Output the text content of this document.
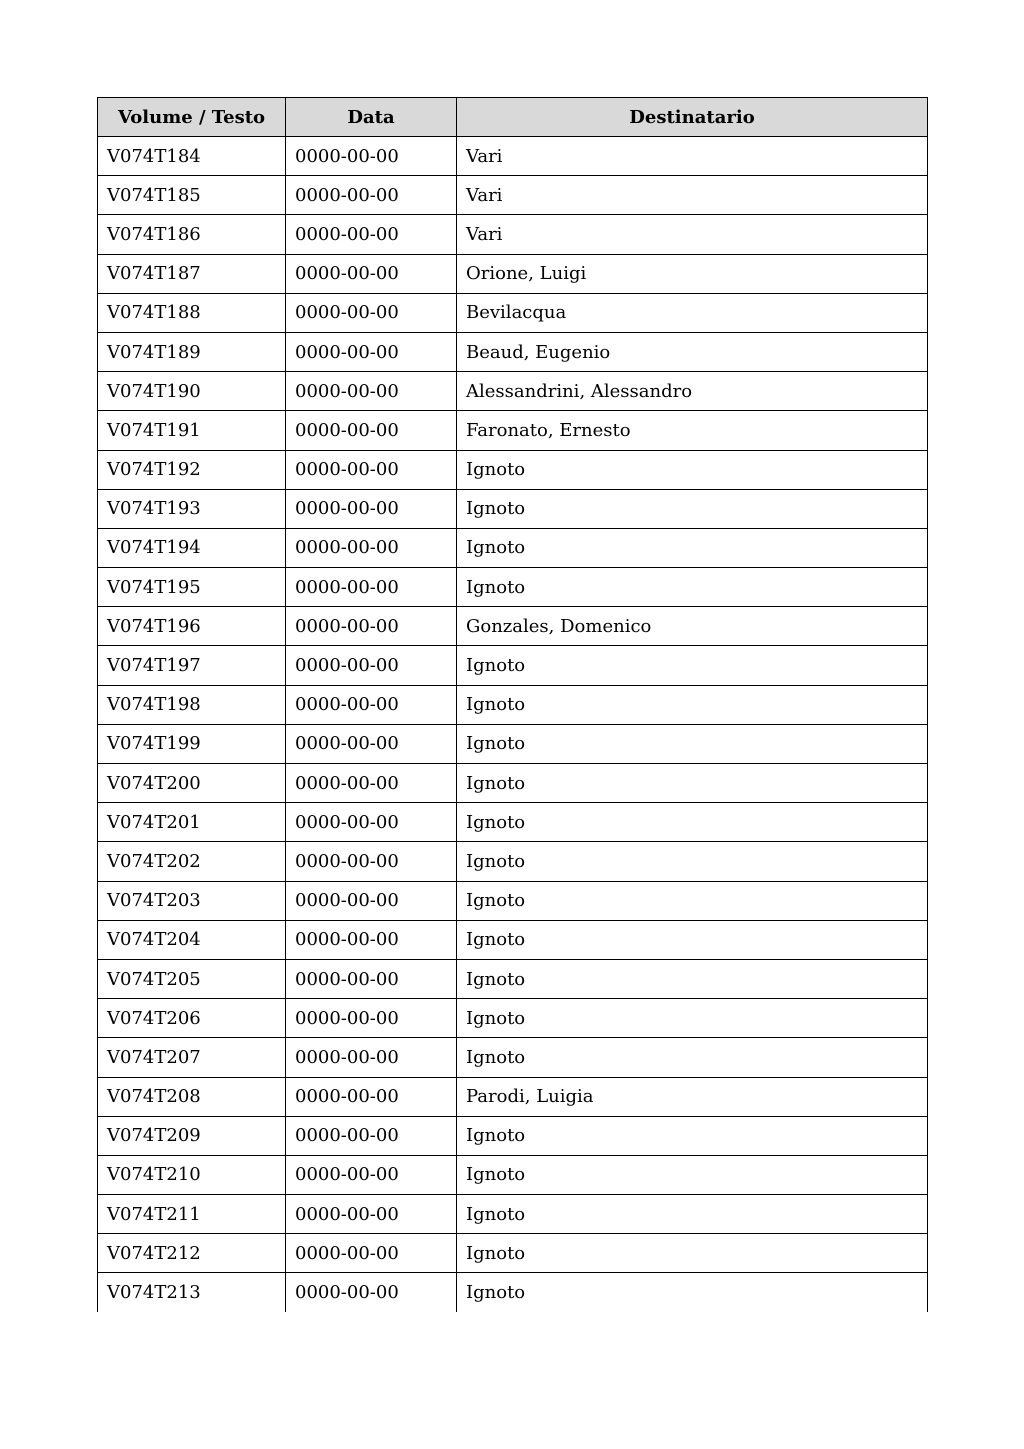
Volume / Testo	Data	Destinatario
V074T184	0000-00-00	Vari
V074T185	0000-00-00	Vari
V074T186	0000-00-00	Vari
V074T187	0000-00-00	Orione, Luigi
V074T188	0000-00-00	Bevilacqua
V074T189	0000-00-00	Beaud, Eugenio
V074T190	0000-00-00	Alessandrini, Alessandro
V074T191	0000-00-00	Faronato, Ernesto
V074T192	0000-00-00	Ignoto
V074T193	0000-00-00	Ignoto
V074T194	0000-00-00	Ignoto
V074T195	0000-00-00	Ignoto
V074T196	0000-00-00	Gonzales, Domenico
V074T197	0000-00-00	Ignoto
V074T198	0000-00-00	Ignoto
V074T199	0000-00-00	Ignoto
V074T200	0000-00-00	Ignoto
V074T201	0000-00-00	Ignoto
V074T202	0000-00-00	Ignoto
V074T203	0000-00-00	Ignoto
V074T204	0000-00-00	Ignoto
V074T205	0000-00-00	Ignoto
V074T206	0000-00-00	Ignoto
V074T207	0000-00-00	Ignoto
V074T208	0000-00-00	Parodi, Luigia
V074T209	0000-00-00	Ignoto
V074T210	0000-00-00	Ignoto
V074T211	0000-00-00	Ignoto
V074T212	0000-00-00	Ignoto
V074T213	0000-00-00	Ignoto
